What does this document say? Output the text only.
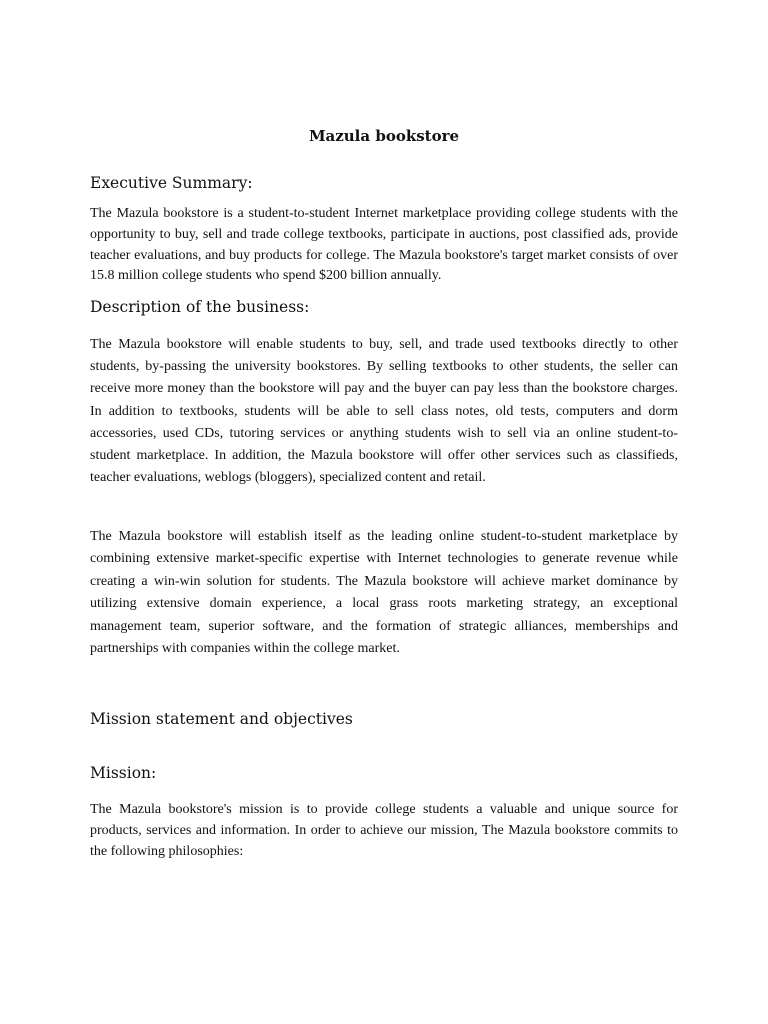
Mazula bookstore
Executive Summary:

The Mazula bookstore is a student-to-student Internet marketplace providing college students with the opportunity to buy, sell and trade college textbooks, participate in auctions, post classified ads, provide teacher evaluations, and buy products for college. The Mazula bookstore's target market consists of over 15.8 million college students who spend $200 billion annually.

Description of the business:

The Mazula bookstore will enable students to buy, sell, and trade used textbooks directly to other students, by-passing the university bookstores. By selling textbooks to other students, the seller can receive more money than the bookstore will pay and the buyer can pay less than the bookstore charges. In addition to textbooks, students will be able to sell class notes, old tests, computers and dorm accessories, used CDs, tutoring services or anything students wish to sell via an online student-to-student marketplace. In addition, the Mazula bookstore will offer other services such as classifieds, teacher evaluations, weblogs (bloggers), specialized content and retail.

The Mazula bookstore will establish itself as the leading online student-to-student marketplace by combining extensive market-specific expertise with Internet technologies to generate revenue while creating a win-win solution for students. The Mazula bookstore will achieve market dominance by utilizing extensive domain experience, a local grass roots marketing strategy, an exceptional management team, superior software, and the formation of strategic alliances, memberships and partnerships with companies within the college market.

Mission statement and objectives
Mission:

The Mazula bookstore's mission is to provide college students a valuable and unique source for products, services and information. In order to achieve our mission, The Mazula bookstore commits to the following philosophies:
